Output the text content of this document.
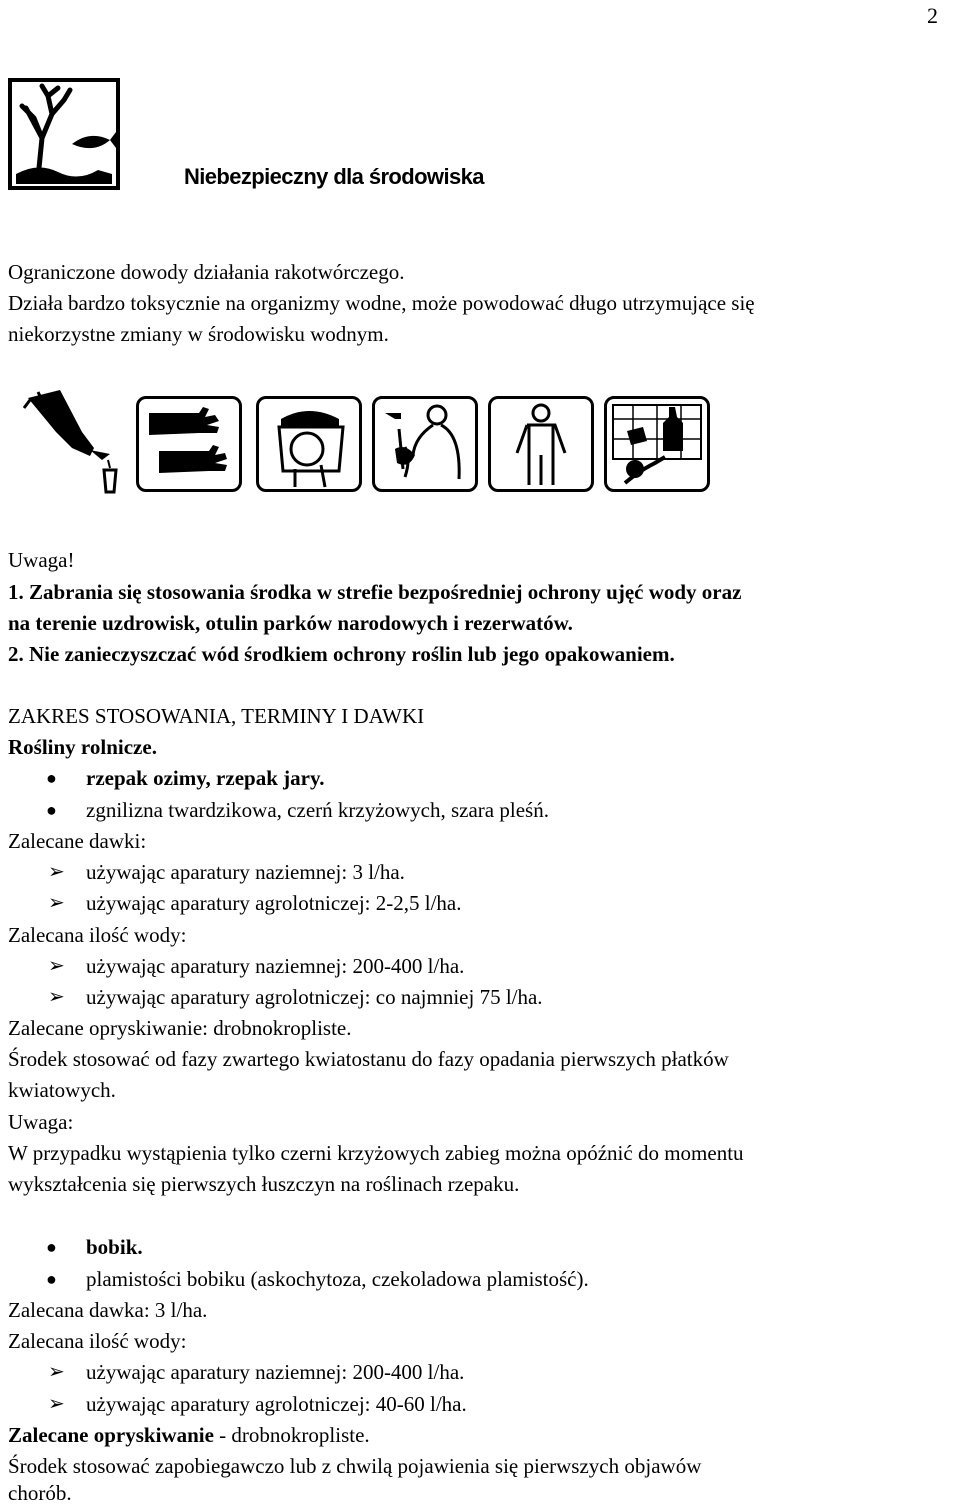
2
Niebezpieczny dla środowiska
Ograniczone dowody działania rakotwórczego.
Działa bardzo toksycznie na organizmy wodne, może powodować długo utrzymujące się
niekorzystne zmiany w środowisku wodnym.
Uwaga!
1. Zabrania się stosowania środka w strefie bezpośredniej ochrony ujęć wody oraz
na terenie uzdrowisk, otulin parków narodowych i rezerwatów.
2. Nie zanieczyszczać wód środkiem ochrony roślin lub jego opakowaniem.
ZAKRES STOSOWANIA, TERMINY I DAWKI
Rośliny rolnicze.
● rzepak ozimy, rzepak jary.
● zgnilizna twardzikowa, czerń krzyżowych, szara pleśń.
Zalecane dawki:
➢ używając aparatury naziemnej: 3 l/ha.
➢ używając aparatury agrolotniczej: 2-2,5 l/ha.
Zalecana ilość wody:
➢ używając aparatury naziemnej: 200-400 l/ha.
➢ używając aparatury agrolotniczej: co najmniej 75 l/ha.
Zalecane opryskiwanie: drobnokropliste.
Środek stosować od fazy zwartego kwiatostanu do fazy opadania pierwszych płatków
kwiatowych.
Uwaga:
W przypadku wystąpienia tylko czerni krzyżowych zabieg można opóźnić do momentu
wykształcenia się pierwszych łuszczyn na roślinach rzepaku.
● bobik.
● plamistości bobiku (askochytoza, czekoladowa plamistość).
Zalecana dawka: 3 l/ha.
Zalecana ilość wody:
➢ używając aparatury naziemnej: 200-400 l/ha.
➢ używając aparatury agrolotniczej: 40-60 l/ha.
Zalecane opryskiwanie - drobnokropliste.
Środek stosować zapobiegawczo lub z chwilą pojawienia się pierwszych objawów
chorób.
